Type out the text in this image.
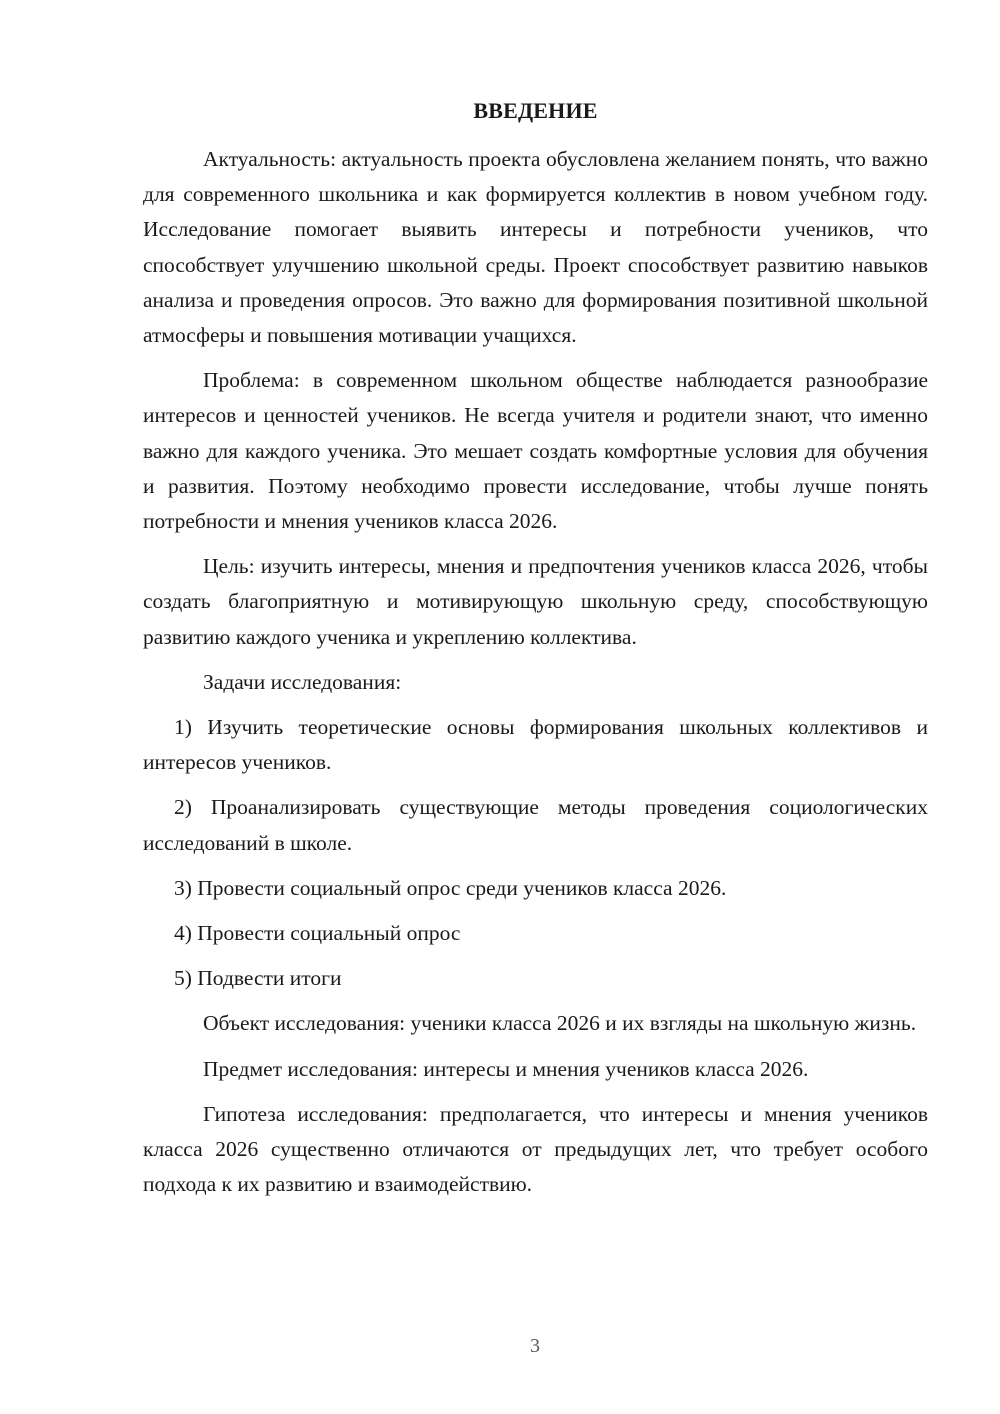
ВВЕДЕНИЕ

Актуальность: актуальность проекта обусловлена желанием понять, что важно для современного школьника и как формируется коллектив в новом учебном году. Исследование помогает выявить интересы и потребности учеников, что способствует улучшению школьной среды. Проект способствует развитию навыков анализа и проведения опросов. Это важно для формирования позитивной школьной атмосферы и повышения мотивации учащихся.

Проблема: в современном школьном обществе наблюдается разнообразие интересов и ценностей учеников. Не всегда учителя и родители знают, что именно важно для каждого ученика. Это мешает создать комфортные условия для обучения и развития. Поэтому необходимо провести исследование, чтобы лучше понять потребности и мнения учеников класса 2026.

Цель: изучить интересы, мнения и предпочтения учеников класса 2026, чтобы создать благоприятную и мотивирующую школьную среду, способствующую развитию каждого ученика и укреплению коллектива.

Задачи исследования:

1) Изучить теоретические основы формирования школьных коллективов и интересов учеников.

2) Проанализировать существующие методы проведения социологических исследований в школе.

3) Провести социальный опрос среди учеников класса 2026.

4) Провести социальный опрос

5) Подвести итоги

Объект исследования: ученики класса 2026 и их взгляды на школьную жизнь.

Предмет исследования: интересы и мнения учеников класса 2026.

Гипотеза исследования: предполагается, что интересы и мнения учеников класса 2026 существенно отличаются от предыдущих лет, что требует особого подхода к их развитию и взаимодействию.

3
